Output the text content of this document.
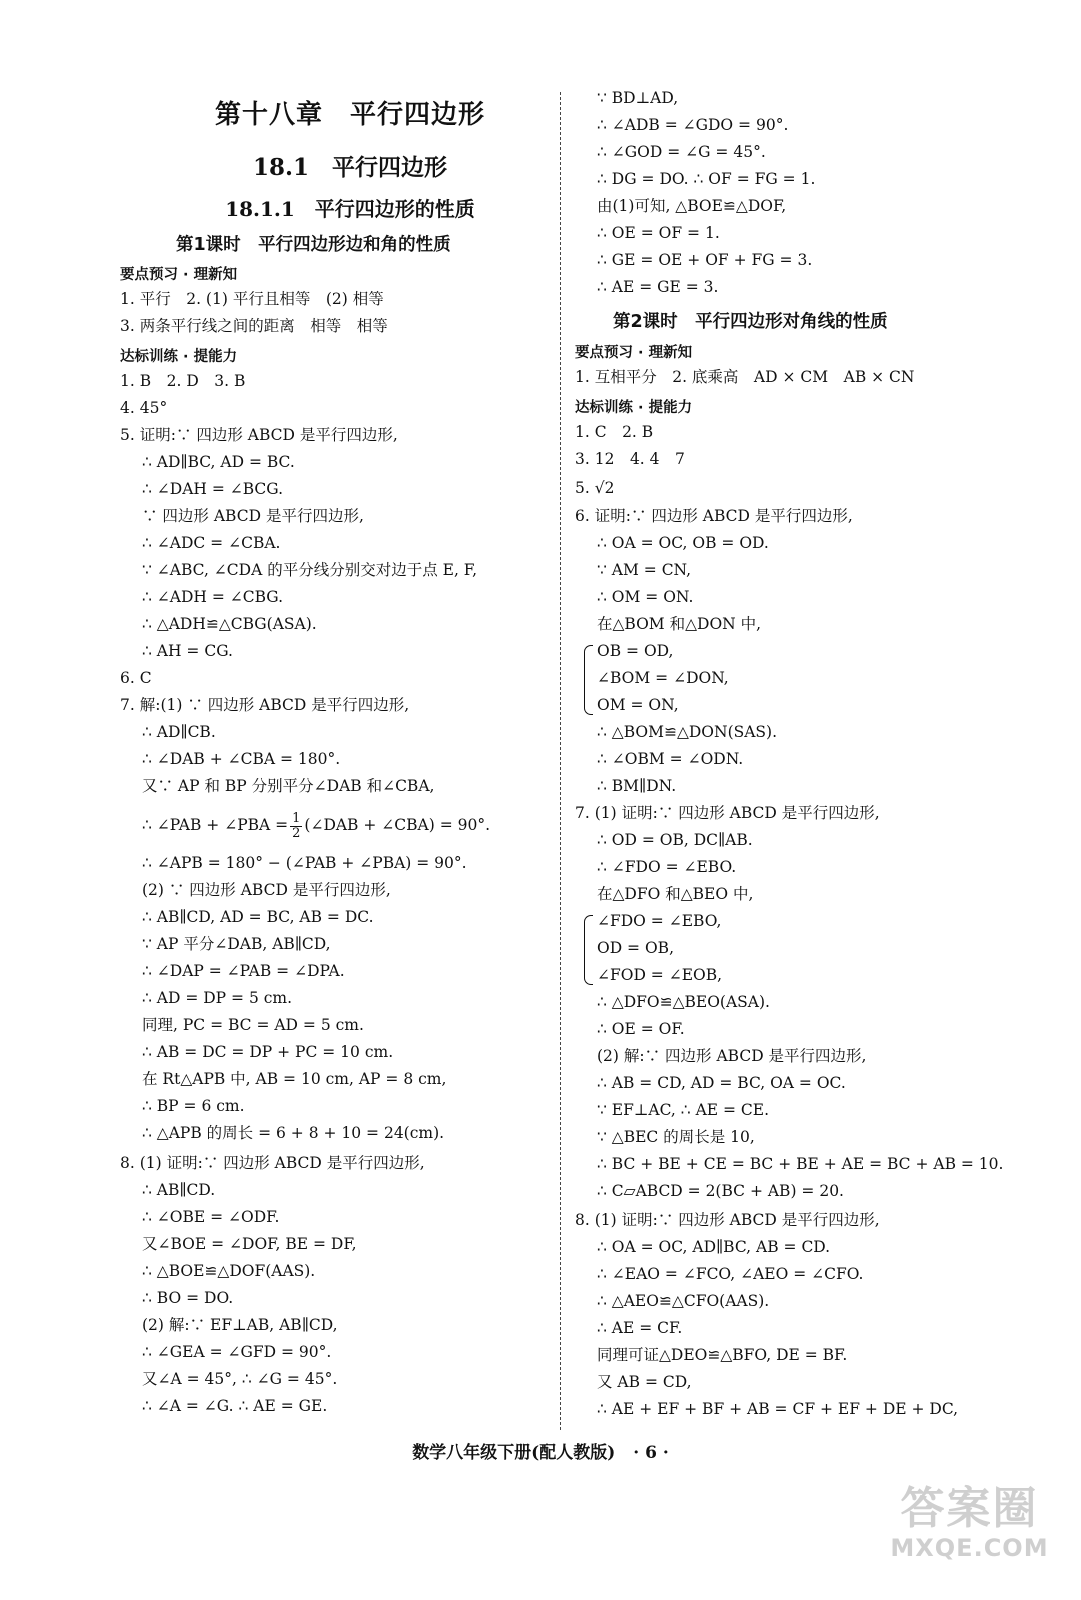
第十八章　平行四边形
18.1　平行四边形
18.1.1　平行四边形的性质
第1课时　平行四边形边和角的性质
要点预习 · 理新知
1. 平行　2. (1) 平行且相等　(2) 相等
3. 两条平行线之间的距离　相等　相等
达标训练 · 提能力
1. B　2. D　3. B
4. 45°
5. 证明:∵ 四边形 ABCD 是平行四边形,
∴ AD∥BC, AD = BC.
∴ ∠DAH = ∠BCG.
∵ 四边形 ABCD 是平行四边形,
∴ ∠ADC = ∠CBA.
∵ ∠ABC, ∠CDA 的平分线分别交对边于点 E, F,
∴ ∠ADH = ∠CBG.
∴ △ADH≌△CBG(ASA).
∴ AH = CG.
6. C
7. 解:(1) ∵ 四边形 ABCD 是平行四边形,
∴ AD∥CB.
∴ ∠DAB + ∠CBA = 180°.
又∵ AP 和 BP 分别平分∠DAB 和∠CBA,
∴ ∠PAB + ∠PBA = $\frac{1}{2}$ (∠DAB + ∠CBA) = 90°.
∴ ∠APB = 180° − (∠PAB + ∠PBA) = 90°.
(2) ∵ 四边形 ABCD 是平行四边形,
∴ AB∥CD, AD = BC, AB = DC.
∵ AP 平分∠DAB, AB∥CD,
∴ ∠DAP = ∠PAB = ∠DPA.
∴ AD = DP = 5 cm.
同理, PC = BC = AD = 5 cm.
∴ AB = DC = DP + PC = 10 cm.
在 Rt△APB 中, AB = 10 cm, AP = 8 cm,
∴ BP = 6 cm.
∴ △APB 的周长 = 6 + 8 + 10 = 24(cm).
8. (1) 证明:∵ 四边形 ABCD 是平行四边形,
∴ AB∥CD.
∴ ∠OBE = ∠ODF.
又∠BOE = ∠DOF, BE = DF,
∴ △BOE≌△DOF(AAS).
∴ BO = DO.
(2) 解:∵ EF⊥AB, AB∥CD,
∴ ∠GEA = ∠GFD = 90°.
又∠A = 45°, ∴ ∠G = 45°.
∴ ∠A = ∠G. ∴ AE = GE.
∵ BD⊥AD,
∴ ∠ADB = ∠GDO = 90°.
∴ ∠GOD = ∠G = 45°.
∴ DG = DO. ∴ OF = FG = 1.
由(1)可知, △BOE≌△DOF,
∴ OE = OF = 1.
∴ GE = OE + OF + FG = 3.
∴ AE = GE = 3.
第2课时　平行四边形对角线的性质
要点预习 · 理新知
1. 互相平分　2. 底乘高　AD × CM　AB × CN
达标训练 · 提能力
1. C　2. B
3. 12　4. 4　7
5. √2
6. 证明:∵ 四边形 ABCD 是平行四边形,
∴ OA = OC, OB = OD.
∵ AM = CN,
∴ OM = ON.
在△BOM 和△DON 中,
OB = OD,
∠BOM = ∠DON,
OM = ON,
∴ △BOM≌△DON(SAS).
∴ ∠OBM = ∠ODN.
∴ BM∥DN.
7. (1) 证明:∵ 四边形 ABCD 是平行四边形,
∴ OD = OB, DC∥AB.
∴ ∠FDO = ∠EBO.
在△DFO 和△BEO 中,
∠FDO = ∠EBO,
OD = OB,
∠FOD = ∠EOB,
∴ △DFO≌△BEO(ASA).
∴ OE = OF.
(2) 解:∵ 四边形 ABCD 是平行四边形,
∴ AB = CD, AD = BC, OA = OC.
∵ EF⊥AC, ∴ AE = CE.
∵ △BEC 的周长是 10,
∴ BC + BE + CE = BC + BE + AE = BC + AB = 10.
∴ C▱ABCD = 2(BC + AB) = 20.
8. (1) 证明:∵ 四边形 ABCD 是平行四边形,
∴ OA = OC, AD∥BC, AB = CD.
∴ ∠EAO = ∠FCO, ∠AEO = ∠CFO.
∴ △AEO≌△CFO(AAS).
∴ AE = CF.
同理可证△DEO≌△BFO, DE = BF.
又 AB = CD,
∴ AE + EF + BF + AB = CF + EF + DE + DC,
数学八年级下册(配人教版) · 6 ·
答案圈
MXQE.COM
